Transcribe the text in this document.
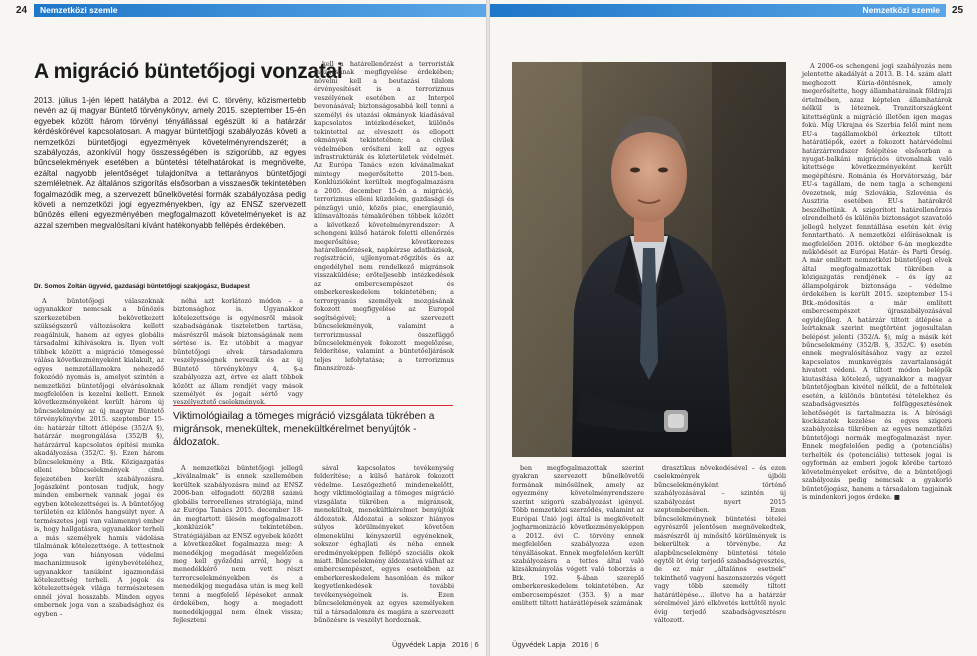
24	Nemzetközi szemle
A migráció büntetőjogi vonzatai
2013. július 1-jén lépett hatályba a 2012. évi C. törvény, közismertebb nevén az új magyar Büntető törvénykönyv, amely 2015. szeptember 15-én egyebek között három törvényi tényállással egészült ki a határzár kérdéskörével kapcsolatosan. A magyar büntetőjogi szabályozás követi a nemzetközi büntetőjogi egyezmények követelményrendszerét; a szabályozás, azonkívül hogy összességében is szigorúbb, az egyes bűncselekmények esetében a büntetési tételhatárokat is megnövelte, ezáltal nagyobb jelentőséget tulajdonítva a tettarányos büntetőjogi szemléletnek. Az általános szigorítás elsősorban a visszaesők tekintetében fogalmazódik meg, a szervezett bűnelkövetési formák szabályozása pedig követi a nemzetközi jogi egyezményekben, így az ENSZ szervezett bűnözés elleni egyezményében megfogalmazott követelményeket is az azzal szemben megvalósítani kívánt hatékonyabb fellépés érdekében.
Dr. Somos Zoltán ügyvéd, gazdasági büntetőjogi szakjogász, Budapest

A büntetőjogi válaszoknak ugyanakkor nemcsak a bűnözés szerkezetében bekövetkezett szükségszerű változásokra kellett reagálniuk, hanem az egyes globális társadalmi kihívásokra is. Ilyen volt többek között a migráció tömegessé válása következményeként kialakult, az egyes nemzetállamokra nehezedő fokozódó nyomás is, amelyet szintén a nemzetközi büntetőjogi elvárásoknak megfelelően is kezelni kellett. Ennek következményeként került három új bűncselekmény az új magyar Büntető törvénykönyvbe 2015. szeptember 15-én: határzár tiltott átlépése (352/A §), határzár megrongálása (352/B §), határzárral kapcsolatos építési munka akadályozása (352/C. §). Ezen három bűncselekmény a Btk. Közigazgatás elleni bűncselekmények című fejezetében került szabályozásra. Jogászként pontosan tudjuk, hogy minden embernek vannak jogai és egyben kötelezettségei is. A büntetőjog területén ez különös hangsúlyt nyer. A természetes jogi van valamennyi ember is, hogy hallgatásra, ugyanakkor terheli a más személyek hamis vádolása tilalmának kötelezettsége. A tettestnek joga van hiányosan védelmi machanizmusok igénybevételéhez, ugyanakkor tanúként igazmondási kötelezettség terheli. A jogok és kötelezettségek világa természetesen ennél jóval hosszabb. Minden egyes embernek joga van a szabadsághoz és egyben –

néha azt korlátozó módon – a biztonsághoz is. Ugyanakkor kötelezettsége is egyénesről mások szabadságának tiszteletben tartása, másrészről mások biztonságának nem sértése is. Ez utóbbit a magyar büntetőjogi elvek társadalomra veszélyességnek nevezik és az új Büntető törvénykönyv 4. §-a szabályozza azt, értve ez alatt többek között az állam rendjét vagy mások személyét és jogait sértő vagy veszélyeztető cselekmények.

kell a határellenőrzést a terroristák mozgásának megfigyelése érdekében; növelni kell a beutazási tilalom érvényesítését is a terrorizmus veszélyének esetében az Interpol bevonásával; biztonságosabbá kell tenni a személyi és utazási okmányok kiadásával kapcsolatos intézkedéseket, különös tekintettel az elveszett és ellopott okmányok tekintetében; a civilek védelmében erősíteni kell az egyes infrastruktúrák és közterületek védelmét. Az Európa Tanács ezen kívánalmakat mintegy megerősítette 2015-ben. Konklúzióként kerültek megfogalmazásra a 2005. december 15-én a migráció, terrorizmus elleni küzdelem, gazdasági és pénzügyi unió, közös piac, energiaunió, klímaváltozás témakörében többek között a következő követelményrendszer: A schengeni külső határok feletti ellenőrzés megerősítése; követkerezes határellenőrzések, napkérzse adatbázisok, regisztráció, ujjlenyomat-rögzítés és az engedélyhel nem rendelkező migránsok visszaküldése; erőteljesebb intézkedések az embercsempészet és emberkereskedelem tekintetében; a terrorgyanús személyek mozgásának fokozott megfigyelése az Europol segítségével; a szervezett bűncselekmények, valamint a terrorizmussal összefüggő bűncselekmények fokozott megelőzése, felderítése, valamint a büntetőeljárások teljes lefolytatása; a terrorizmus finanszírozá-

Viktimológiailag a tömeges migráció vizsgálata tükrében a migránsok, menekültek, menekültkérelmet benyújtók - áldozatok.

A nemzetközi büntetőjogi jellegű „kiválnalmak” is ennek szellemében kerültek szabályozásra mind az ENSZ 2006-ban elfogadott 60/288 számú globális terrorellenes stratégiája, mind az Európa Tanács 2015. december 18-án megtartott ülésén megfogalmazott „konklúziók” tekintetében. Stratégiájában az ENSZ egyebek között a következőket fogalmazza meg: A menedékjog megadását megelőzően meg kell győződni arról, hogy a menedékkérő nem vett részt terrorcselekményekben és a menedékjog megadása után is meg kell tenni a megfelelő lépéseket annak érdekében, hogy a megadott menedékjoggal nem élnek vissza; fejleszteni

sával kapcsolatos tevékenység felderítése; a külső határok fokozott védelme. Leszögezhető mindenekelőtt, hogy viktimológiailag a tömeges migráció vizsgálata tükrében a migránsok, menekültek, menekültkérelmet benyújtók áldozatok. Áldozatai a sokszor hiányos súlyos körülményeket követően elmenekülni kényszerül egyéneknek, sokszor éghajlati és néha ennek eredményeképpen fellépő szociális okok miatt. Bűncselekmény áldozatává válhat az embercsempészet, egyes esetekben az emberkereskedelem hasonlóan és mikor kegyetlenkedések további tevékenységeinek is. Ezen bűncselekmények az egyes személyeken túl a társadalomra és magára a szervezett bűnözésre is veszélyt hordoznak.

Ügyvédek Lapja 2016 | 6
Nemzetközi szemle	25

A 2006-os schengeni jogi szabályozás nem jelentette akadályát a 2013. B. 14. szám alatt meghozott Kúria-döntésnek, amely megerősítette, hogy államhatárainak földrajzi értelmében, azaz képtelen államhatárok nélkül is léteznek. Tranzitországként kitettségünk a migráció illetően igen magas fokú. Míg Ukrajna és Szerbia felől mint nem EU-s tagállamokból érkeztek tiltott határátlépők, ezért a fokozott határvédelmi határzárrendszer felépítése elsősorban a nyugat-balkáni migrációs útvonalnak való kitettsége következményeként került megépítésre. Románia és Horvátország, bár EU-s tagállam, de nem tagja a schengeni övezetnek, míg Szlovákia, Szlovénia és Ausztria esetében EU-s határokról beszélhetünk. A szigorított határellenőrzés elrendelhető és különös biztonságot szavatoló jellegű helyzet fenntállása esetén két évig fenntartható. A nemzetközi előírásoknak is megfelelően 2016. október 6-án megkezdte működését az Európai Határ- és Parti Őrség. A már említett nemzetközi büntetőjogi elvek által megfogalmazottak tükrében a közigazgatás rendjének – és így az állampolgárok biztonsága – védelme érdekében is került 2015. szeptember 15-i Btk.-módosítás a már említett embercsempészet újraszabályozásával egyidejűleg. A határzár tiltott átlépése a leírtaknak szerint megtörtént jogosultalan belépést jelenti (352/A. §), míg a másik két bűncselekmény (352/B. §, 352/C. §) esetén ennek megvalósításához vagy az ezzel kapcsolatos munkavégzés zavartalanságát hivatott védeni. A tiltott módon belépők kiutasítása kötelező, ugyanakkor a magyar büntetőjogban kivétel nélkül, de a feltételek esetén, a különös büntetési tételekhez és szabadságvesztés felfüggesztésének lehetőségét is tartalmazza is. A bírósági kockázatok kezelése és egyes szigorú szabályozása tükrében az egyes nemzetközi büntetőjogi normák megfogalmazást nyer. Ennek megfelelően pedig a (potenciális) terhelték és (potenciális) tettesek jogai is egyformán az emberi jogok körébe tartozó követelményeket erősítve, de a büntetőjogi szabályozás pedig nemcsak a gyakorló büntetőjogász, hanem a társadalom tagjainak is mindenkori jogos érdeke. ■

ben megfogalmazottak szerint gyakran szervezett bűnelkövetői formának minősülnek, amely az egyezmény követelményrendszere szerint szigorú szabályozást igényel. Több nemzetközi szerződés, valamint az Európai Unió jogi által is megkövetelt jogharmonizáció következményeképpen a 2012. évi C. törvény ennek megfelelően szabályozza ezen tényállásokat. Ennek megfelelően került szabályozásra a tettes által való kizsákmányolás végett való toborzás a Btk. 192. §-ában szereplő emberkereskedelem tekintetében. Az embercsempészet (353. §) a mar említett tiltott határátlépések számának

drasztikus növekedésével – és ezen cselekmények újbóli bűncselekményként történő szabályozásával – szintén új szabályozást nyert 2015 szeptemberében. Ezen bűncselekménynek büntetési tételei egyrészről jelentősen megnövekedtek, másrészről új minősítő körülmények is bekerültek a törvénybe. Az alapbűncselekmény büntetési tétele egytől öt évig terjedő szabadságvesztés, de ez már „általános esetnek” tekinthető vagyoni haszonszerzés végett vagy több személy tiltott határátlépése... illetve ha a határzár sérelmével járó elkövetés kettőtől nyolc évig terjedő szabadságvesztésre változott.

Ügyvédek Lapja 2016 | 6
